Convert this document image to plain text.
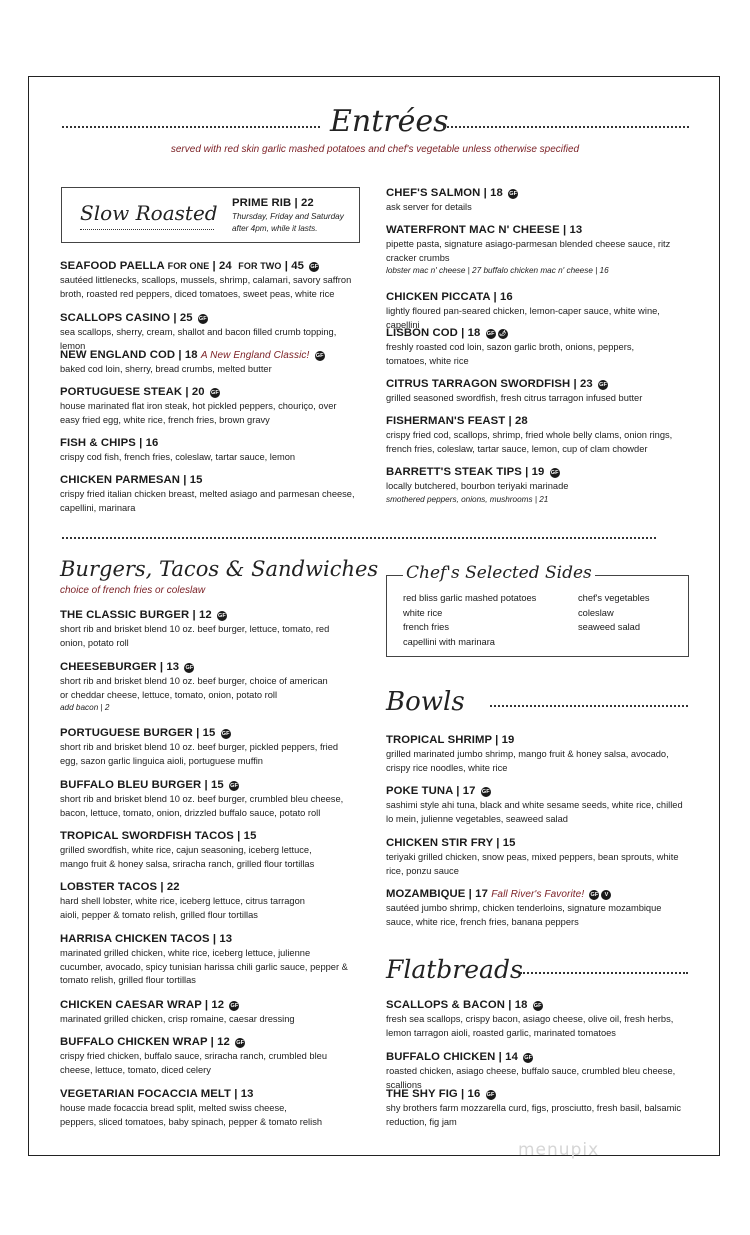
Entrées
served with red skin garlic mashed potatoes and chef's vegetable unless otherwise specified
Slow Roasted PRIME RIB | 22
Thursday, Friday and Saturday after 4pm, while it lasts.
SEAFOOD PAELLA FOR ONE | 24 FOR TWO | 45 GF
sautéed littlenecks, scallops, mussels, shrimp, calamari, savory saffron broth, roasted red peppers, diced tomatoes, sweet peas, white rice
SCALLOPS CASINO | 25 GF
sea scallops, sherry, cream, shallot and bacon filled crumb topping, lemon
NEW ENGLAND COD | 18 A New England Classic! GF
baked cod loin, sherry, bread crumbs, melted butter
PORTUGUESE STEAK | 20 GF
house marinated flat iron steak, hot pickled peppers, chouriço, over easy fried egg, white rice, french fries, brown gravy
FISH & CHIPS | 16
crispy cod fish, french fries, coleslaw, tartar sauce, lemon
CHICKEN PARMESAN | 15
crispy fried italian chicken breast, melted asiago and parmesan cheese, capellini, marinara
CHEF'S SALMON | 18 GF
ask server for details
WATERFRONT MAC N' CHEESE | 13
pipette pasta, signature asiago-parmesan blended cheese sauce, ritz cracker crumbs
lobster mac n' cheese | 27 buffalo chicken mac n' cheese | 16
CHICKEN PICCATA | 16
lightly floured pan-seared chicken, lemon-caper sauce, white wine, capellini
LISBON COD | 18 GF 🌶
freshly roasted cod loin, sazon garlic broth, onions, peppers, tomatoes, white rice
CITRUS TARRAGON SWORDFISH | 23 GF
grilled seasoned swordfish, fresh citrus tarragon infused butter
FISHERMAN'S FEAST | 28
crispy fried cod, scallops, shrimp, fried whole belly clams, onion rings, french fries, coleslaw, tartar sauce, lemon, cup of clam chowder
BARRETT'S STEAK TIPS | 19 GF
locally butchered, bourbon teriyaki marinade
smothered peppers, onions, mushrooms | 21
Burgers, Tacos & Sandwiches
choice of french fries or coleslaw
THE CLASSIC BURGER | 12 GF
short rib and brisket blend 10 oz. beef burger, lettuce, tomato, red onion, potato roll
CHEESEBURGER | 13 GF
short rib and brisket blend 10 oz. beef burger, choice of american or cheddar cheese, lettuce, tomato, onion, potato roll
add bacon | 2
PORTUGUESE BURGER | 15 GF
short rib and brisket blend 10 oz. beef burger, pickled peppers, fried egg, sazon garlic linguica aioli, portuguese muffin
BUFFALO BLEU BURGER | 15 GF
short rib and brisket blend 10 oz. beef burger, crumbled bleu cheese, bacon, lettuce, tomato, onion, drizzled buffalo sauce, potato roll
TROPICAL SWORDFISH TACOS | 15
grilled swordfish, white rice, cajun seasoning, iceberg lettuce, mango fruit & honey salsa, sriracha ranch, grilled flour tortillas
LOBSTER TACOS | 22
hard shell lobster, white rice, iceberg lettuce, citrus tarragon aioli, pepper & tomato relish, grilled flour tortillas
HARRISA CHICKEN TACOS | 13
marinated grilled chicken, white rice, iceberg lettuce, julienne cucumber, avocado, spicy tunisian harissa chili garlic sauce, pepper & tomato relish, grilled flour tortillas
CHICKEN CAESAR WRAP | 12 GF
marinated grilled chicken, crisp romaine, caesar dressing
BUFFALO CHICKEN WRAP | 12 GF
crispy fried chicken, buffalo sauce, sriracha ranch, crumbled bleu cheese, lettuce, tomato, diced celery
VEGETARIAN FOCACCIA MELT | 13
house made focaccia bread split, melted swiss cheese, peppers, sliced tomatoes, baby spinach, pepper & tomato relish
Chef's Selected Sides
red bliss garlic mashed potatoes
white rice
french fries
capellini with marinara
chef's vegetables
coleslaw
seaweed salad
Bowls
TROPICAL SHRIMP | 19
grilled marinated jumbo shrimp, mango fruit & honey salsa, avocado, crispy rice noodles, white rice
POKE TUNA | 17 GF
sashimi style ahi tuna, black and white sesame seeds, white rice, chilled lo mein, julienne vegetables, seaweed salad
CHICKEN STIR FRY | 15
teriyaki grilled chicken, snow peas, mixed peppers, bean sprouts, white rice, ponzu sauce
MOZAMBIQUE | 17 Fall River's Favorite! GF V
sautéed jumbo shrimp, chicken tenderloins, signature mozambique sauce, white rice, french fries, banana peppers
Flatbreads
SCALLOPS & BACON | 18 GF
fresh sea scallops, crispy bacon, asiago cheese, olive oil, fresh herbs, lemon tarragon aioli, roasted garlic, marinated tomatoes
BUFFALO CHICKEN | 14 GF
roasted chicken, asiago cheese, buffalo sauce, crumbled bleu cheese, scallions
THE SHY FIG | 16 GF
shy brothers farm mozzarella curd, figs, prosciutto, fresh basil, balsamic reduction, fig jam
menupix
